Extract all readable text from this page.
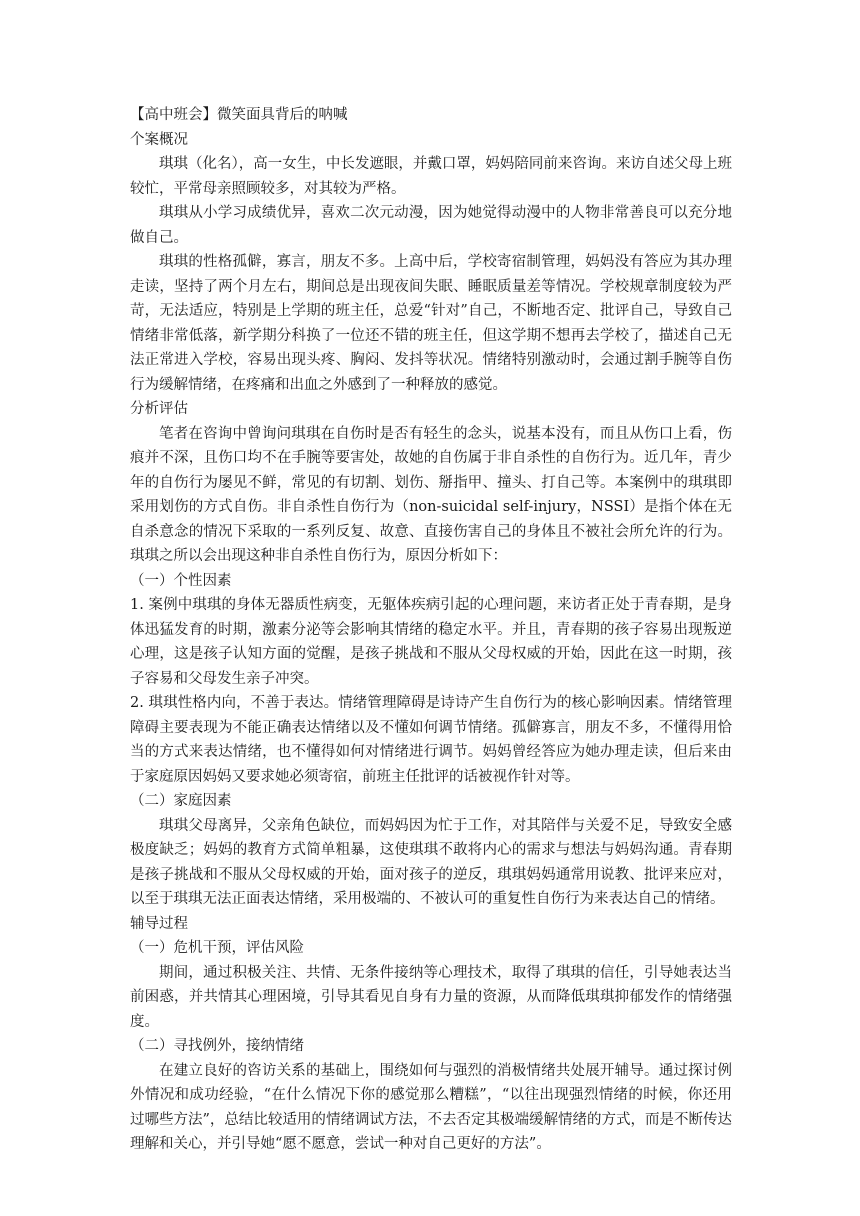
【高中班会】微笑面具背后的呐喊

个案概况

琪琪（化名），高一女生，中长发遮眼，并戴口罩，妈妈陪同前来咨询。来访自述父母上班较忙，平常母亲照顾较多，对其较为严格。

琪琪从小学习成绩优异，喜欢二次元动漫，因为她觉得动漫中的人物非常善良可以充分地做自己。

琪琪的性格孤僻，寡言，朋友不多。上高中后，学校寄宿制管理，妈妈没有答应为其办理走读，坚持了两个月左右，期间总是出现夜间失眠、睡眠质量差等情况。学校规章制度较为严苛，无法适应，特别是上学期的班主任，总爱“针对”自己，不断地否定、批评自己，导致自己情绪非常低落，新学期分科换了一位还不错的班主任，但这学期不想再去学校了，描述自己无法正常进入学校，容易出现头疼、胸闷、发抖等状况。情绪特别激动时，会通过割手腕等自伤行为缓解情绪，在疼痛和出血之外感到了一种释放的感觉。

分析评估

笔者在咨询中曾询问琪琪在自伤时是否有轻生的念头，说基本没有，而且从伤口上看，伤痕并不深，且伤口均不在手腕等要害处，故她的自伤属于非自杀性的自伤行为。近几年，青少年的自伤行为屡见不鲜，常见的有切割、划伤、掰指甲、撞头、打自己等。本案例中的琪琪即采用划伤的方式自伤。非自杀性自伤行为（non-suicidal self-injury，NSSI）是指个体在无自杀意念的情况下采取的一系列反复、故意、直接伤害自己的身体且不被社会所允许的行为。琪琪之所以会出现这种非自杀性自伤行为，原因分析如下：

（一）个性因素

1. 案例中琪琪的身体无器质性病变，无躯体疾病引起的心理问题，来访者正处于青春期，是身体迅猛发育的时期，激素分泌等会影响其情绪的稳定水平。并且，青春期的孩子容易出现叛逆心理，这是孩子认知方面的觉醒，是孩子挑战和不服从父母权威的开始，因此在这一时期，孩子容易和父母发生亲子冲突。

2. 琪琪性格内向，不善于表达。情绪管理障碍是诗诗产生自伤行为的核心影响因素。情绪管理障碍主要表现为不能正确表达情绪以及不懂如何调节情绪。孤僻寡言，朋友不多，不懂得用恰当的方式来表达情绪，也不懂得如何对情绪进行调节。妈妈曾经答应为她办理走读，但后来由于家庭原因妈妈又要求她必须寄宿，前班主任批评的话被视作针对等。

（二）家庭因素

琪琪父母离异，父亲角色缺位，而妈妈因为忙于工作，对其陪伴与关爱不足，导致安全感极度缺乏；妈妈的教育方式简单粗暴，这使琪琪不敢将内心的需求与想法与妈妈沟通。青春期是孩子挑战和不服从父母权威的开始，面对孩子的逆反，琪琪妈妈通常用说教、批评来应对，以至于琪琪无法正面表达情绪，采用极端的、不被认可的重复性自伤行为来表达自己的情绪。

辅导过程

（一）危机干预，评估风险

期间，通过积极关注、共情、无条件接纳等心理技术，取得了琪琪的信任，引导她表达当前困惑，并共情其心理困境，引导其看见自身有力量的资源，从而降低琪琪抑郁发作的情绪强度。

（二）寻找例外，接纳情绪

在建立良好的咨访关系的基础上，围绕如何与强烈的消极情绪共处展开辅导。通过探讨例外情况和成功经验，“在什么情况下你的感觉那么糟糕”，“以往出现强烈情绪的时候，你还用过哪些方法”，总结比较适用的情绪调试方法，不去否定其极端缓解情绪的方式，而是不断传达理解和关心，并引导她“愿不愿意，尝试一种对自己更好的方法”。
